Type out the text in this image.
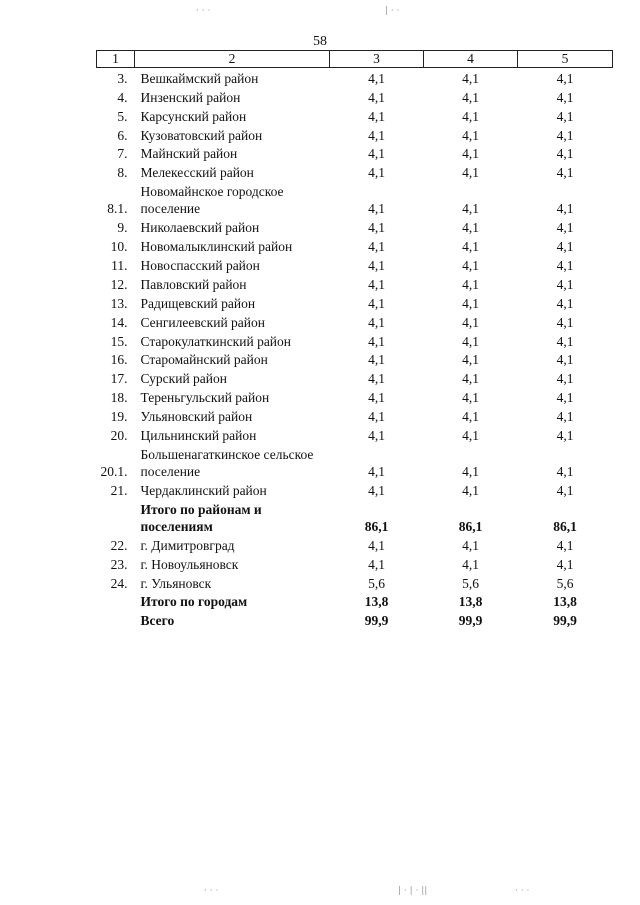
58
1	2	3	4	5
3.	Вешкаймский район	4,1	4,1	4,1
4.	Инзенский район	4,1	4,1	4,1
5.	Карсунский район	4,1	4,1	4,1
6.	Кузоватовский район	4,1	4,1	4,1
7.	Майнский район	4,1	4,1	4,1
8.	Мелекесский район	4,1	4,1	4,1
8.1.	Новомайнское городское поселение	4,1	4,1	4,1
9.	Николаевский район	4,1	4,1	4,1
10.	Новомалыклинский район	4,1	4,1	4,1
11.	Новоспасский район	4,1	4,1	4,1
12.	Павловский район	4,1	4,1	4,1
13.	Радищевский район	4,1	4,1	4,1
14.	Сенгилеевский район	4,1	4,1	4,1
15.	Старокулаткинский район	4,1	4,1	4,1
16.	Старомайнский район	4,1	4,1	4,1
17.	Сурский район	4,1	4,1	4,1
18.	Тереньгульский район	4,1	4,1	4,1
19.	Ульяновский район	4,1	4,1	4,1
20.	Цильнинский район	4,1	4,1	4,1
20.1.	Большенагаткинское сельское поселение	4,1	4,1	4,1
21.	Чердаклинский район	4,1	4,1	4,1
	Итого по районам и поселениям	86,1	86,1	86,1
22.	г. Димитровград	4,1	4,1	4,1
23.	г. Новоульяновск	4,1	4,1	4,1
24.	г. Ульяновск	5,6	5,6	5,6
	Итого по городам	13,8	13,8	13,8
	Всего	99,9	99,9	99,9
· · ·	| · ·
· · ·	| · | · ||	· · ·
